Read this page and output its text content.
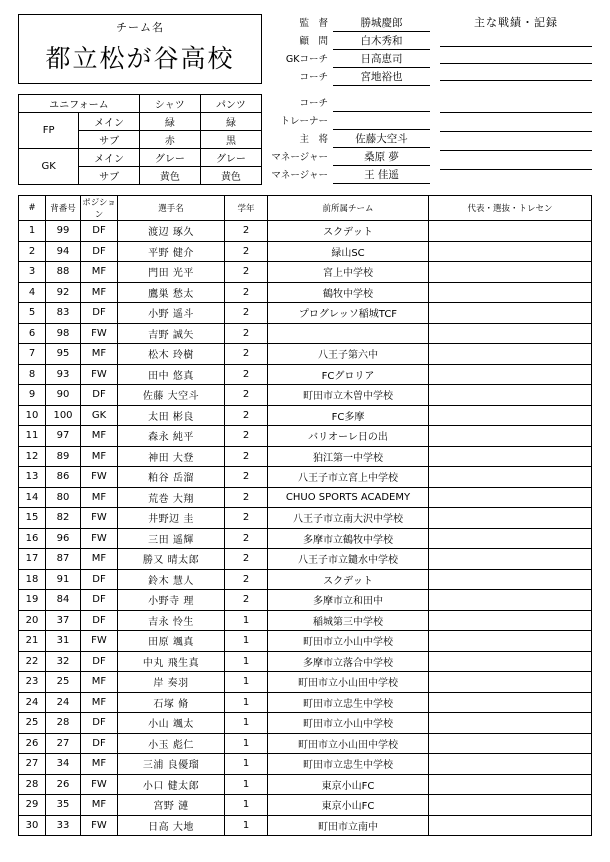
チーム名
都立松が谷高校
監　督	勝城慶郎
顧　問	白木秀和
GKコーチ	日高恵司
コーチ	宮地裕也
主な戦績・記録
ユニフォーム		シャツ	パンツ
FP	メイン	緑	緑
	サブ	赤	黒
GK	メイン	グレー	グレー
	サブ	黄色	黄色
コーチ
トレーナー
主　将	佐藤大空斗
マネージャー	桑原 夢
マネージャー	王 佳遥
#	背番号	ポジション	選手名	学年	前所属チーム	代表・選抜・トレセン
1	99	DF	渡辺 琢久	2	スクデット	
2	94	DF	平野 健介	2	緑山SC	
3	88	MF	門田 光平	2	宮上中学校	
4	92	MF	鷹巣 愁太	2	鶴牧中学校	
5	83	DF	小野 遥斗	2	プログレッソ稲城TCF	
6	98	FW	吉野 誠矢	2		
7	95	MF	松木 玲樹	2	八王子第六中	
8	93	FW	田中 悠真	2	FCグロリア	
9	90	DF	佐藤 大空斗	2	町田市立木曽中学校	
10	100	GK	太田 彬良	2	FC多摩	
11	97	MF	森永 純平	2	バリオーレ日の出	
12	89	MF	神田 大登	2	狛江第一中学校	
13	86	FW	粕谷 岳溜	2	八王子市立宮上中学校	
14	80	MF	荒巻 大翔	2	CHUO SPORTS ACADEMY	
15	82	FW	井野辺 圭	2	八王子市立南大沢中学校	
16	96	FW	三田 遥輝	2	多摩市立鶴牧中学校	
17	87	MF	勝又 晴太郎	2	八王子市立鑓水中学校	
18	91	DF	鈴木 慧人	2	スクデット	
19	84	DF	小野寺 理	2	多摩市立和田中	
20	37	DF	吉永 怜生	1	稲城第三中学校	
21	31	FW	田原 颯真	1	町田市立小山中学校	
22	32	DF	中丸 飛生真	1	多摩市立落合中学校	
23	25	MF	岸 奏羽	1	町田市立小山田中学校	
24	24	MF	石塚 脩	1	町田市立忠生中学校	
25	28	DF	小山 颯太	1	町田市立小山中学校	
26	27	DF	小玉 彪仁	1	町田市立小山田中学校	
27	34	MF	三浦 良優瑠	1	町田市立忠生中学校	
28	26	FW	小口 健太郎	1	東京小山FC	
29	35	MF	宮野 漣	1	東京小山FC	
30	33	FW	日高 大地	1	町田市立南中	
